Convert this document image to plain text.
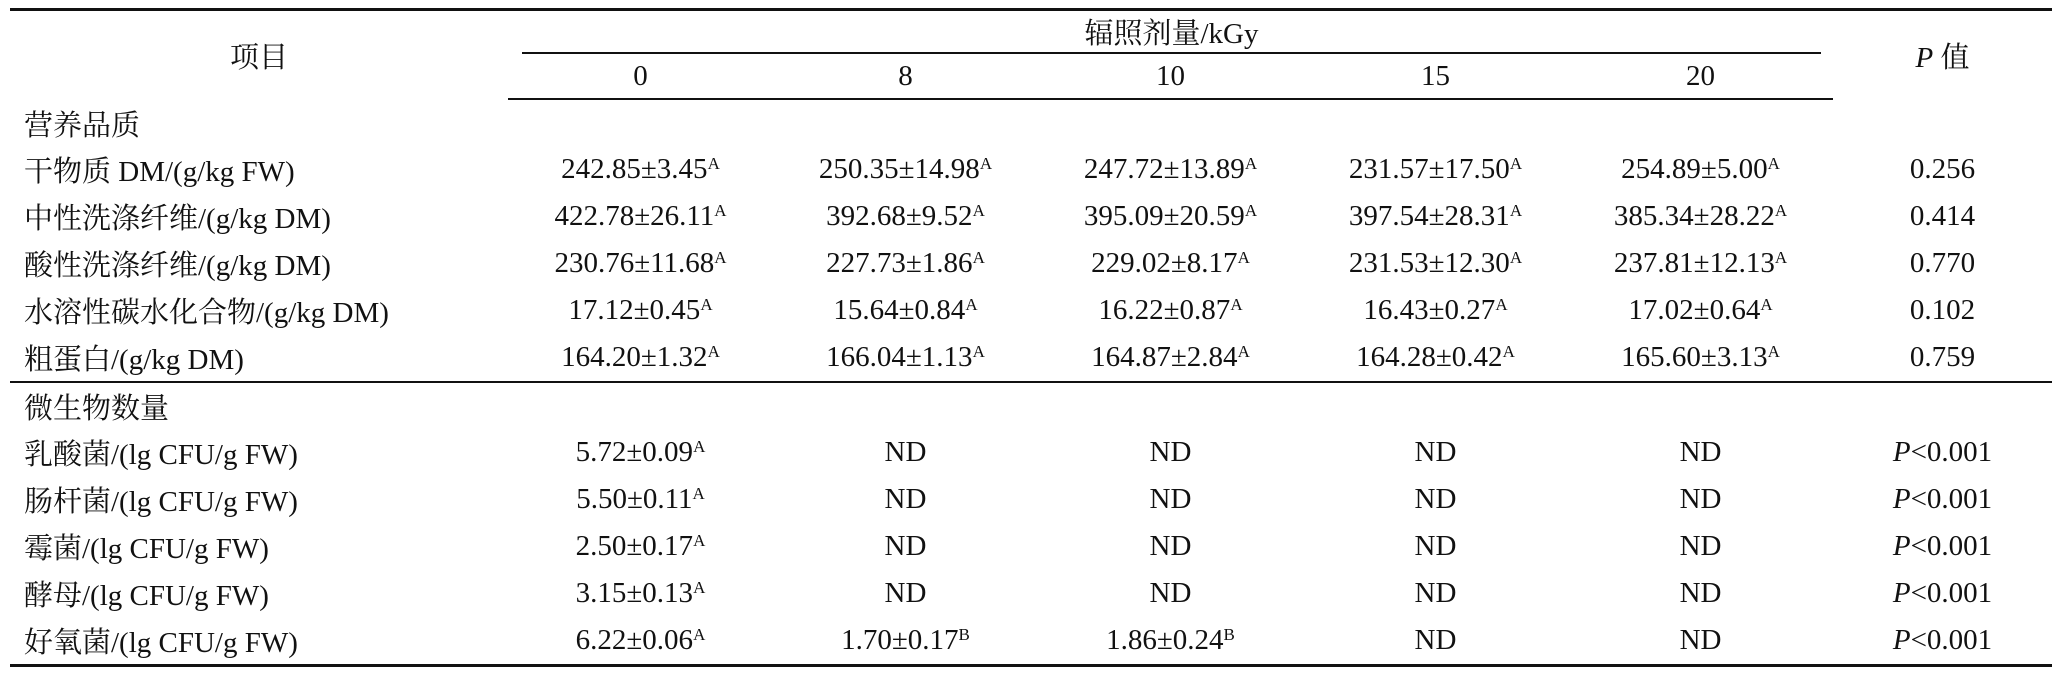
项目	辐照剂量/kGy					P 值
	0	8	10	15	20	
营养品质						
干物质 DM/(g/kg FW)	$242.85\pm 3.45^A$	$250.35\pm 14.98^A$	$247.72\pm 13.89^A$	$231.57\pm 17.50^A$	$254.89\pm 5.00^A$	0.256
中性洗涤纤维/(g/kg DM)	$422.78\pm 26.11^A$	$392.68\pm 9.52^A$	$395.09\pm 20.59^A$	$397.54\pm 28.31^A$	$385.34\pm 28.22^A$	0.414
酸性洗涤纤维/(g/kg DM)	$230.76\pm 11.68^A$	$227.73\pm 1.86^A$	$229.02\pm 8.17^A$	$231.53\pm 12.30^A$	$237.81\pm 12.13^A$	0.770
水溶性碳水化合物/(g/kg DM)	$17.12\pm 0.45^A$	$15.64\pm 0.84^A$	$16.22\pm 0.87^A$	$16.43\pm 0.27^A$	$17.02\pm 0.64^A$	0.102
粗蛋白/(g/kg DM)	$164.20\pm 1.32^A$	$166.04\pm 1.13^A$	$164.87\pm 2.84^A$	$164.28\pm 0.42^A$	$165.60\pm 3.13^A$	0.759
微生物数量						
乳酸菌/(lg CFU/g FW)	$5.72\pm 0.09^A$	ND	ND	ND	ND	P<0.001
肠杆菌/(lg CFU/g FW)	$5.50\pm 0.11^A$	ND	ND	ND	ND	P<0.001
霉菌/(lg CFU/g FW)	$2.50\pm 0.17^A$	ND	ND	ND	ND	P<0.001
酵母/(lg CFU/g FW)	$3.15\pm 0.13^A$	ND	ND	ND	ND	P<0.001
好氧菌/(lg CFU/g FW)	$6.22\pm 0.06^A$	$1.70\pm 0.17^B$	$1.86\pm 0.24^B$	ND	ND	P<0.001
